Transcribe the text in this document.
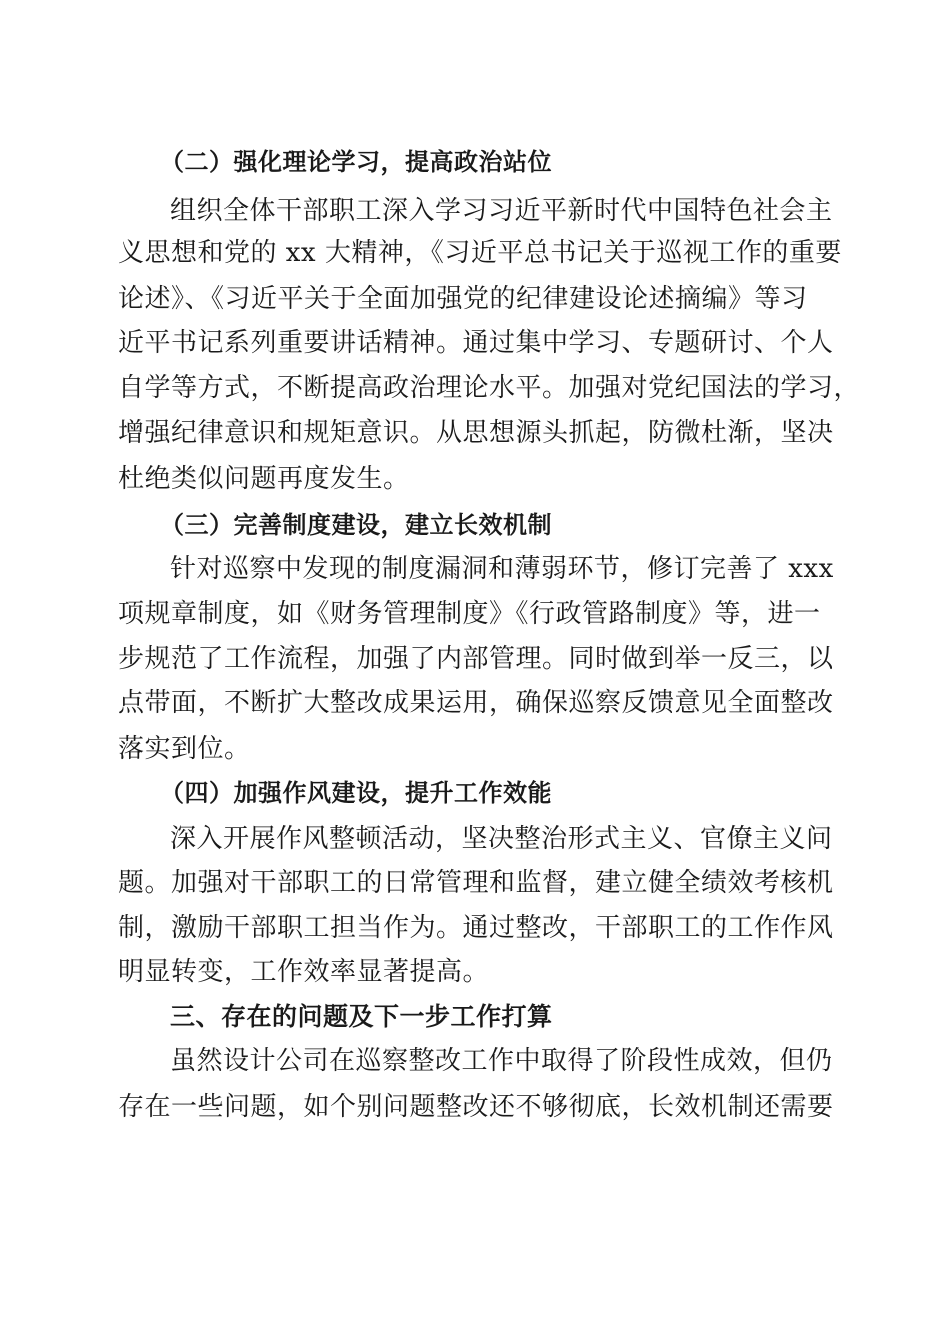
（二）强化理论学习，提高政治站位
组织全体干部职工深入学习习近平新时代中国特色社会主
义思想和党的 xx 大精神，《习近平总书记关于巡视工作的重要
论述》、《习近平关于全面加强党的纪律建设论述摘编》等习
近平书记系列重要讲话精神。通过集中学习、专题研讨、个人
自学等方式，不断提高政治理论水平。加强对党纪国法的学习，
增强纪律意识和规矩意识。从思想源头抓起，防微杜渐，坚决
杜绝类似问题再度发生。
（三）完善制度建设，建立长效机制
针对巡察中发现的制度漏洞和薄弱环节，修订完善了 xxx
项规章制度，如《财务管理制度》《行政管路制度》等，进一
步规范了工作流程，加强了内部管理。同时做到举一反三，以
点带面，不断扩大整改成果运用，确保巡察反馈意见全面整改
落实到位。
（四）加强作风建设，提升工作效能
深入开展作风整顿活动，坚决整治形式主义、官僚主义问
题。加强对干部职工的日常管理和监督，建立健全绩效考核机
制，激励干部职工担当作为。通过整改，干部职工的工作作风
明显转变，工作效率显著提高。
三、存在的问题及下一步工作打算
虽然设计公司在巡察整改工作中取得了阶段性成效，但仍
存在一些问题，如个别问题整改还不够彻底，长效机制还需要
